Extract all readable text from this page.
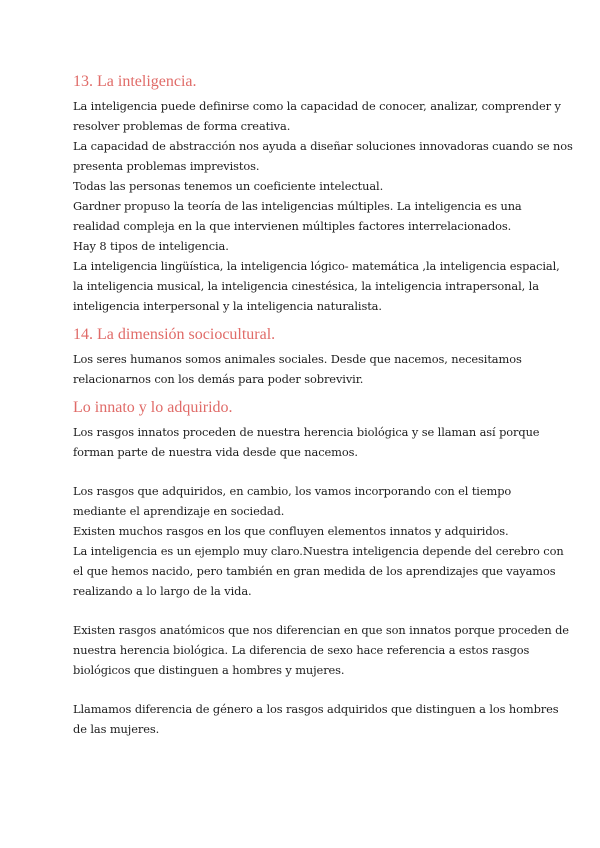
13. La inteligencia.

La inteligencia puede definirse como la capacidad de conocer, analizar, comprender y

resolver problemas de forma creativa.

La capacidad de abstracción nos ayuda a diseñar soluciones innovadoras cuando se nos

presenta problemas imprevistos.

Todas las personas tenemos un coeficiente intelectual.

Gardner propuso la teoría de las inteligencias múltiples. La inteligencia es una

realidad compleja en la que intervienen múltiples factores interrelacionados.

Hay 8 tipos de inteligencia.

La inteligencia lingüística, la inteligencia lógico- matemática ,la inteligencia espacial,

la inteligencia musical, la inteligencia cinestésica, la inteligencia intrapersonal, la

inteligencia interpersonal y la inteligencia naturalista.

14. La dimensión sociocultural.

Los seres humanos somos animales sociales. Desde que nacemos, necesitamos

relacionarnos con los demás para poder sobrevivir.

Lo innato y lo adquirido.

Los rasgos innatos proceden de nuestra herencia biológica y se llaman así porque

forman parte de nuestra vida desde que nacemos.

Los rasgos que adquiridos, en cambio, los vamos incorporando con el tiempo

mediante el aprendizaje en sociedad.

Existen muchos rasgos en los que confluyen elementos innatos y adquiridos.

La inteligencia es un ejemplo muy claro.Nuestra inteligencia depende del cerebro con

el que hemos nacido, pero también en gran medida de los aprendizajes que vayamos

realizando a lo largo de la vida.

Existen rasgos anatómicos que nos diferencian en que son innatos porque proceden de

nuestra herencia biológica. La diferencia de sexo hace referencia a estos rasgos

biológicos que distinguen a hombres y mujeres.

Llamamos diferencia de género a los rasgos adquiridos que distinguen a los hombres

de las mujeres.
